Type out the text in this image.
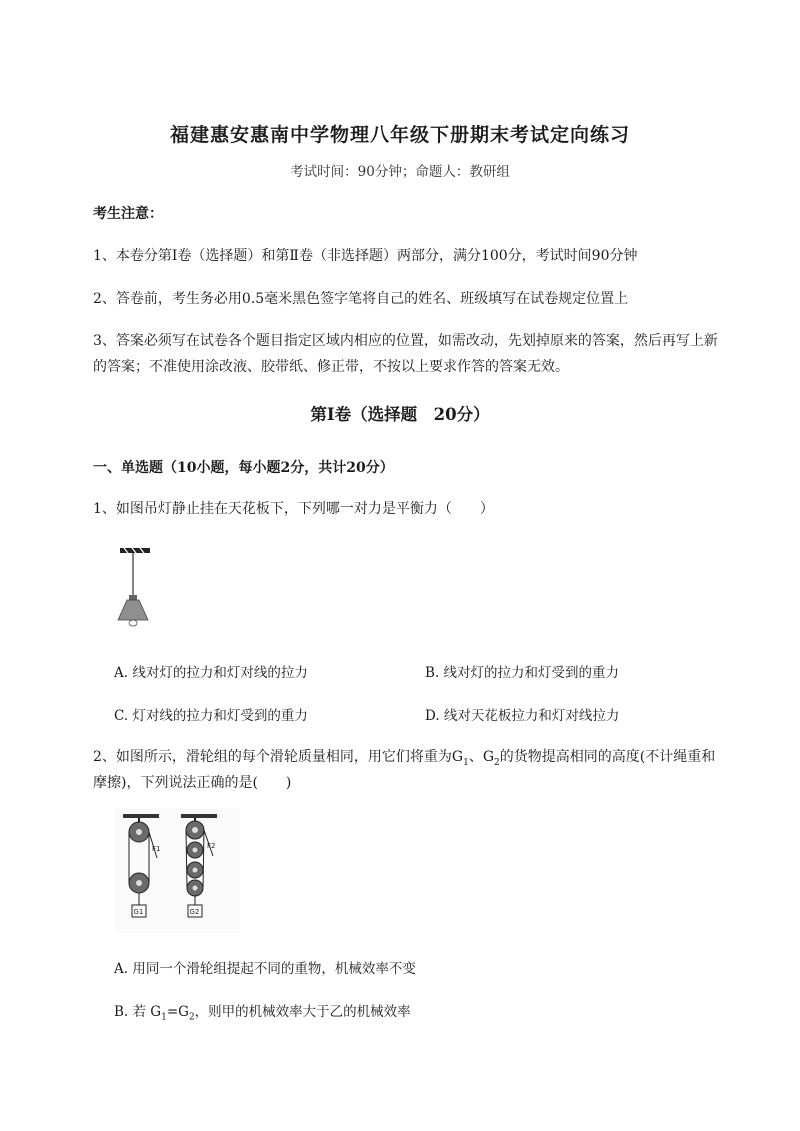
福建惠安惠南中学物理八年级下册期末考试定向练习
考试时间：90分钟；命题人：教研组
考生注意：
1、本卷分第I卷（选择题）和第Ⅱ卷（非选择题）两部分，满分100分，考试时间90分钟
2、答卷前，考生务必用0.5毫米黑色签字笔将自己的姓名、班级填写在试卷规定位置上
3、答案必须写在试卷各个题目指定区域内相应的位置，如需改动，先划掉原来的答案，然后再写上新
的答案；不准使用涂改液、胶带纸、修正带，不按以上要求作答的答案无效。
第I卷（选择题　20分）
一、单选题（10小题，每小题2分，共计20分）
1、如图吊灯静止挂在天花板下，下列哪一对力是平衡力（　　）
A. 线对灯的拉力和灯对线的拉力	B. 线对灯的拉力和灯受到的重力
C. 灯对线的拉力和灯受到的重力	D. 线对天花板拉力和灯对线拉力
2、如图所示，滑轮组的每个滑轮质量相同，用它们将重为$G_1$、$G_2$的货物提高相同的高度(不计绳重和
摩擦)，下列说法正确的是(　　)
F1
G1
F2
G2
A. 用同一个滑轮组提起不同的重物，机械效率不变
B. 若 $G_1=G_2$，则甲的机械效率大于乙的机械效率
